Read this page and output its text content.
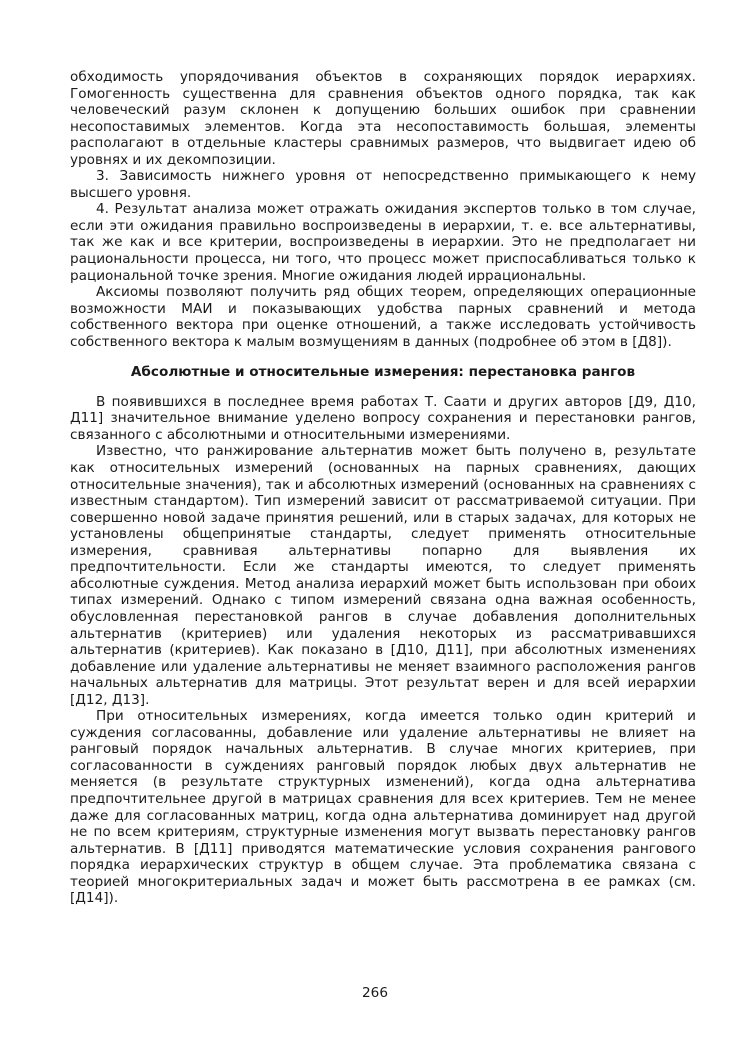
обходимость упорядочивания объектов в сохраняющих порядок иерархиях. Гомогенность существенна для сравнения объектов одного порядка, так как человеческий разум склонен к допущению больших ошибок при сравнении несопоставимых элементов. Когда эта несопоставимость большая, элементы располагают в отдельные кластеры сравнимых размеров, что выдвигает идею об уровнях и их декомпозиции.

3. Зависимость нижнего уровня от непосредственно примыкающего к нему высшего уровня.

4. Результат анализа может отражать ожидания экспертов только в том случае, если эти ожидания правильно воспроизведены в иерархии, т. е. все альтернативы, так же как и все критерии, воспроизведены в иерархии. Это не предполагает ни рациональности процесса, ни того, что процесс может приспосабливаться только к рациональной точке зрения. Многие ожидания людей иррациональны.

Аксиомы позволяют получить ряд общих теорем, определяющих операционные возможности МАИ и показывающих удобства парных сравнений и метода собственного вектора при оценке отношений, а также исследовать устойчивость собственного вектора к малым возмущениям в данных (подробнее об этом в [Д8]).

Абсолютные и относительные измерения: перестановка рангов

В появившихся в последнее время работах Т. Саати и других авторов [Д9, Д10, Д11] значительное внимание уделено вопросу сохранения и перестановки рангов, связанного с абсолютными и относительными измерениями.

Известно, что ранжирование альтернатив может быть получено в, результате как относительных измерений (основанных на парных сравнениях, дающих относительные значения), так и абсолютных измерений (основанных на сравнениях с известным стандартом). Тип измерений зависит от рассматриваемой ситуации. При совершенно новой задаче принятия решений, или в старых задачах, для которых не установлены общепринятые стандарты, следует применять относительные измерения, сравнивая альтернативы попарно для выявления их предпочтительности. Если же стандарты имеются, то следует применять абсолютные суждения. Метод анализа иерархий может быть использован при обоих типах измерений. Однако с типом измерений связана одна важная особенность, обусловленная перестановкой рангов в случае добавления дополнительных альтернатив (критериев) или удаления некоторых из рассматривавшихся альтернатив (критериев). Как показано в [Д10, Д11], при абсолютных изменениях добавление или удаление альтернативы не меняет взаимного расположения рангов начальных альтернатив для матрицы. Этот результат верен и для всей иерархии [Д12, Д13].

При относительных измерениях, когда имеется только один критерий и суждения согласованны, добавление или удаление альтернативы не влияет на ранговый порядок начальных альтернатив. В случае многих критериев, при согласованности в суждениях ранговый порядок любых двух альтернатив не меняется (в результате структурных изменений), когда одна альтернатива предпочтительнее другой в матрицах сравнения для всех критериев. Тем не менее даже для согласованных матриц, когда одна альтернатива доминирует над другой не по всем критериям, структурные изменения могут вызвать перестановку рангов альтернатив. В [Д11] приводятся математические условия сохранения рангового порядка иерархических структур в общем случае. Эта проблематика связана с теорией многокритериальных задач и может быть рассмотрена в ее рамках (см. [Д14]).

266
